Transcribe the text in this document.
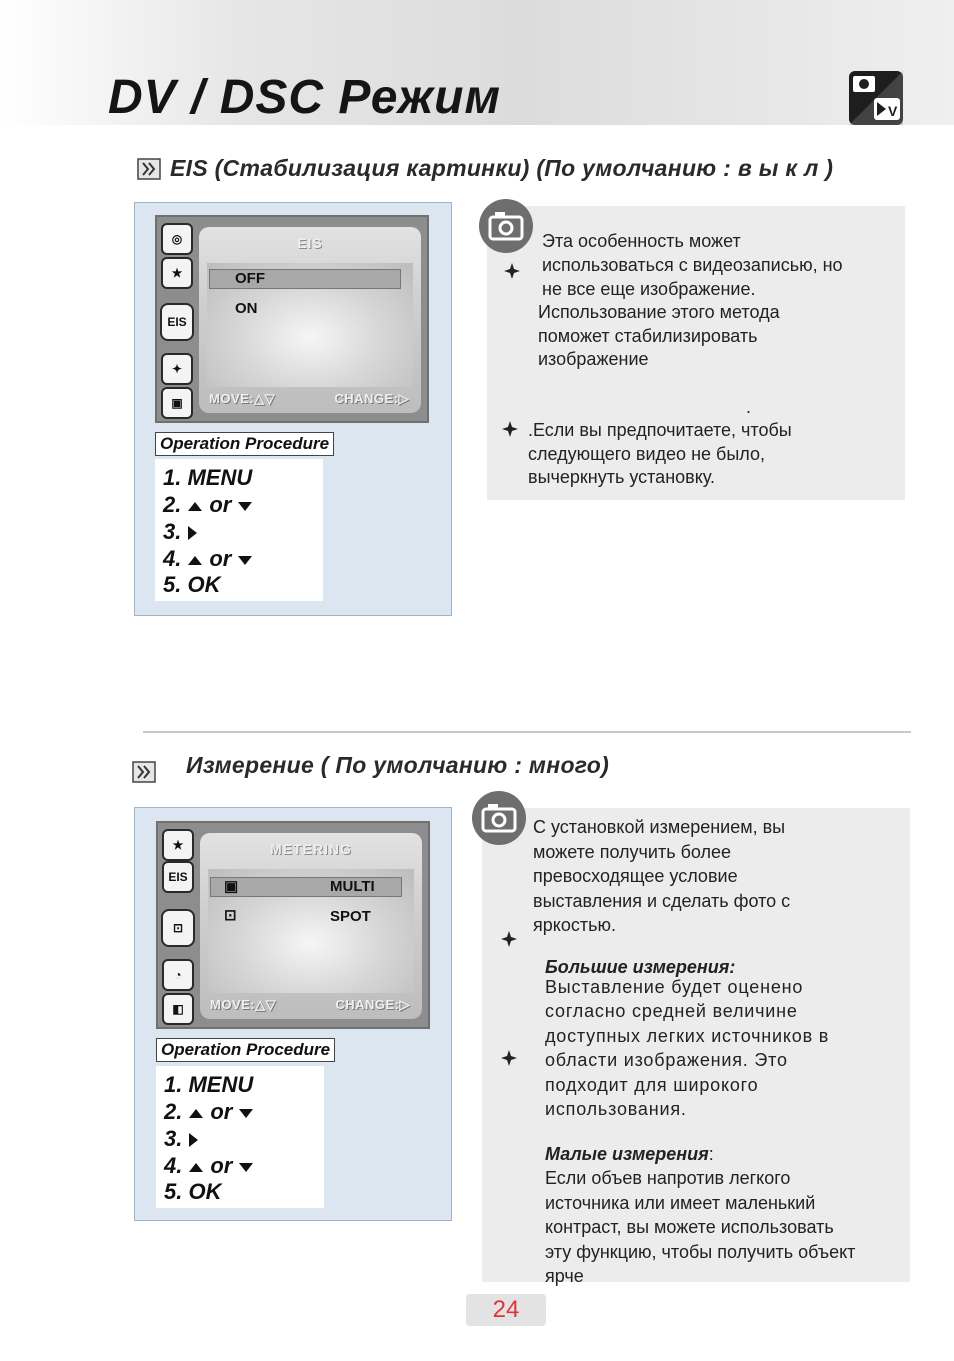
DV / DSC Режим	V
EIS (Стабилизация картинки) (По умолчанию : в ы к л )
◎
★
EIS
✦
▣
EIS
OFF
ON
MOVE:△▽	CHANGE:▷
Operation Procedure
1. MENU
2. or
3.
4. or
5. OK
Эта особенность может
использоваться с видеозаписью, но
не все еще изображение.
Использование этого метода
поможет стабилизировать
изображение
.
.Если вы предпочитаете, чтобы
следующего видео не было,
вычеркнуть установку.
Измерение ( По умолчанию : много)
★
EIS
⊡
◔
◧
METERING
▣	MULTI
⊡	SPOT
MOVE:△▽	CHANGE:▷
Operation Procedure
1. MENU
2. or
3.
4. or
5. OK
С установкой измерением, вы
можете получить более
превосходящее условие
выставления и сделать фото с
яркостью.
Большие измерения:
Выставление будет оценено
согласно средней величине
доступных легких источников в
области изображения. Это
подходит для широкого
использования.
Малые измерения:
Если объев напротив легкого
источника или имеет маленький
контраст, вы можете использовать
эту функцию, чтобы получить объект
ярче
24
